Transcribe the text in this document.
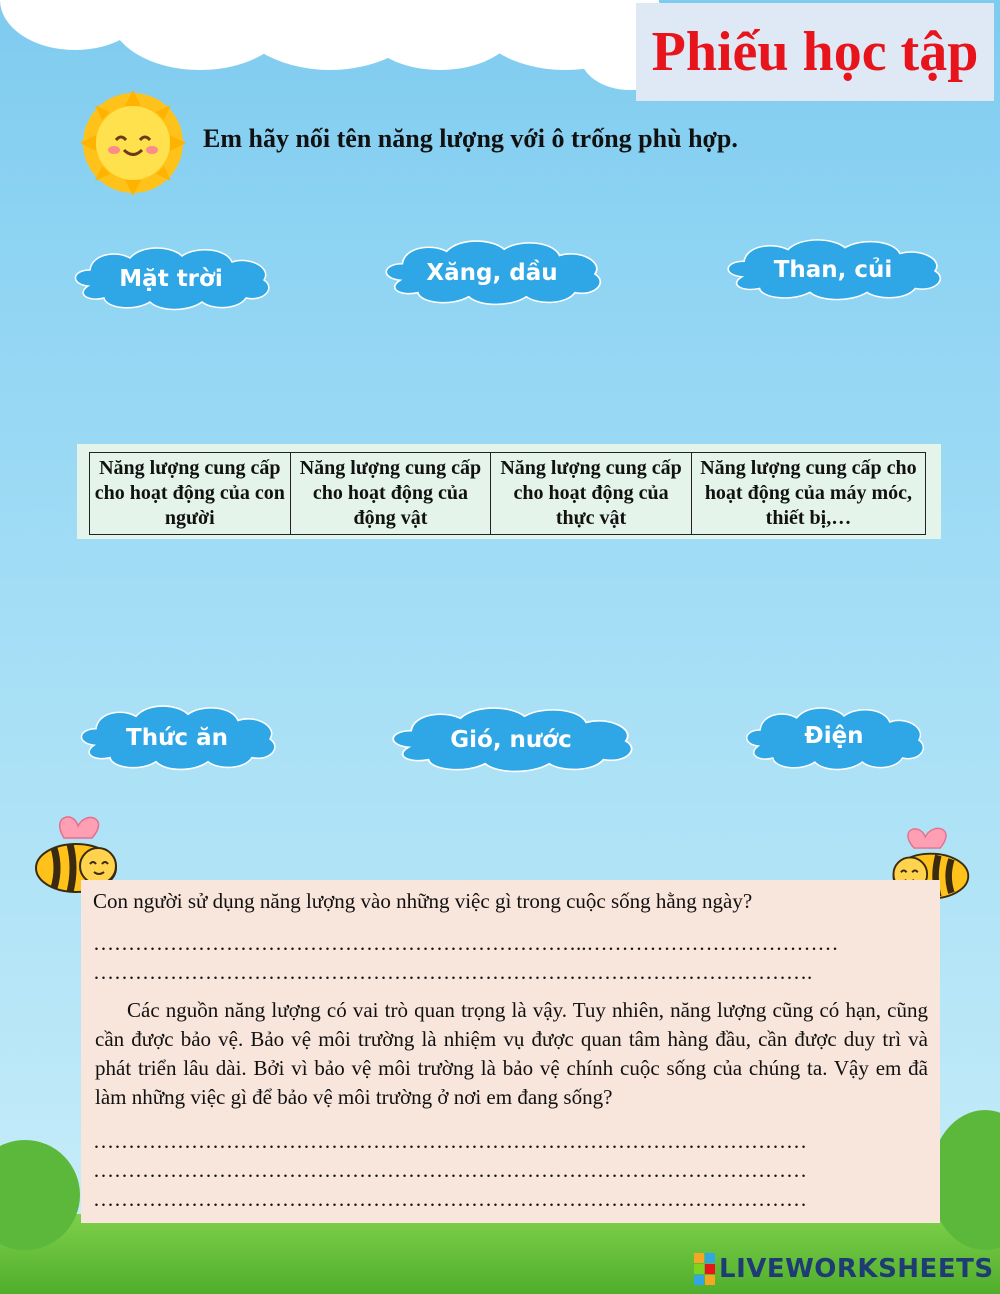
Phiếu học tập
Em hãy nối tên năng lượng với ô trống phù hợp.
Mặt trời	Xăng, dầu	Than, củi
Thức ăn	Gió, nước	Điện
Năng lượng cung cấp cho hoạt động của con người	Năng lượng cung cấp cho hoạt động của động vật	Năng lượng cung cấp cho hoạt động của thực vật	Năng lượng cung cấp cho hoạt động của máy móc, thiết bị,…
Con người sử dụng năng lượng vào những việc gì trong cuộc sống hằng ngày?
……………………………………………………………..………………………………
………………………………………………………………………………………….
Các nguồn năng lượng có vai trò quan trọng là vậy. Tuy nhiên, năng lượng cũng có hạn, cũng cần được bảo vệ. Bảo vệ môi trường là nhiệm vụ được quan tâm hàng đầu, cần được duy trì và phát triển lâu dài. Bởi vì bảo vệ môi trường là bảo vệ chính cuộc sống của chúng ta. Vậy em đã làm những việc gì để bảo vệ môi trường ở nơi em đang sống?
…………………………………………………………………………………………
…………………………………………………………………………………………
…………………………………………………………………………………………
LIVEWORKSHEETS
